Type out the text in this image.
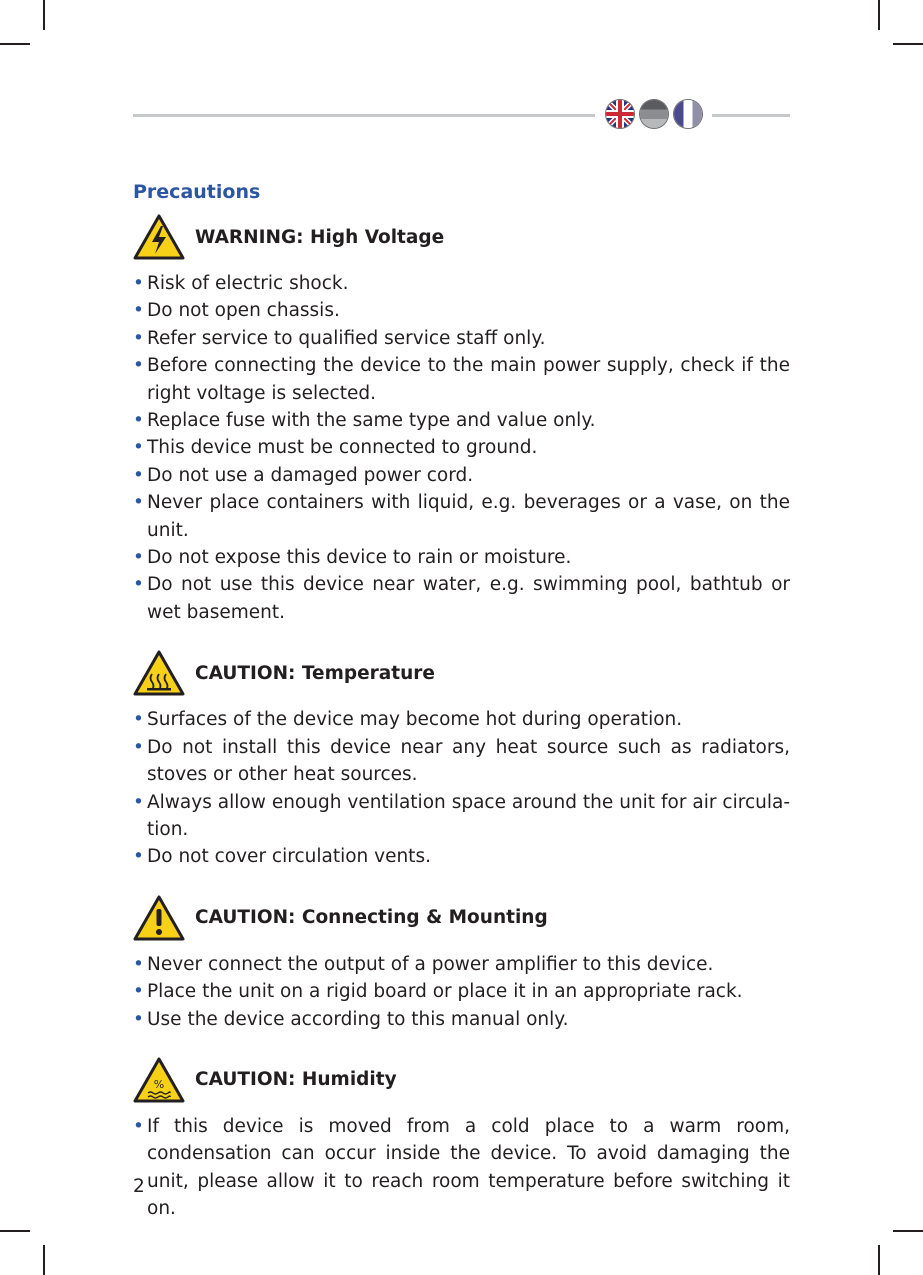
Precautions
WARNING: High Voltage
• Risk of electric shock.
• Do not open chassis.
• Refer service to qualified service staff only.
• Before connecting the device to the main power supply, check if the right voltage is selected.
• Replace fuse with the same type and value only.
• This device must be connected to ground.
• Do not use a damaged power cord.
• Never place containers with liquid, e.g. beverages or a vase, on the unit.
• Do not expose this device to rain or moisture.
• Do not use this device near water, e.g. swimming pool, bathtub or wet basement.
CAUTION: Temperature
• Surfaces of the device may become hot during operation.
• Do not install this device near any heat source such as radiators, stoves or other heat sources.
• Always allow enough ventilation space around the unit for air circula-tion.
• Do not cover circulation vents.
CAUTION: Connecting & Mounting
• Never connect the output of a power amplifier to this device.
• Place the unit on a rigid board or place it in an appropriate rack.
• Use the device according to this manual only.
% CAUTION: Humidity
• If this device is moved from a cold place to a warm room, condensation can occur inside the device. To avoid damaging the unit, please allow it to reach room temperature before switching it on.
2
